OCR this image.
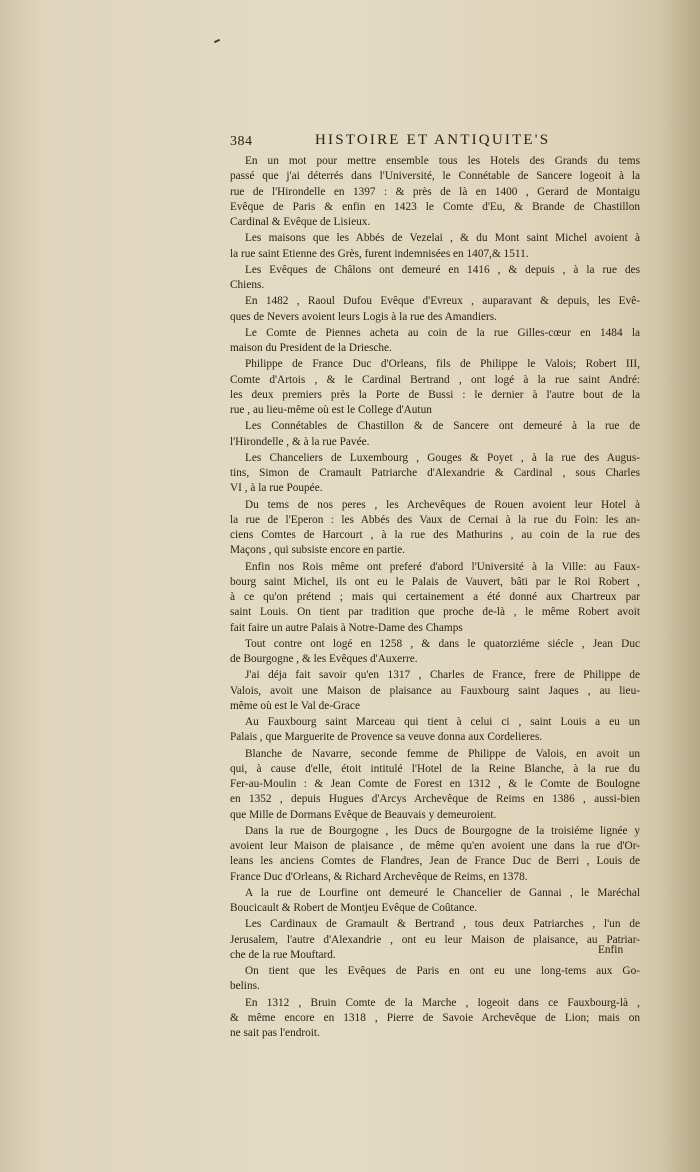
384	HISTOIRE ET ANTIQUITE'S
En un mot pour mettre ensemble tous les Hotels des Grands du tems
passé que j'ai déterrés dans l'Université, le Connétable de Sancere logeoit à la
rue de l'Hirondelle en 1397 : & près de là en 1400 , Gerard de Montaigu
Evêque de Paris & enfin en 1423 le Comte d'Eu, & Brande de Chastillon
Cardinal & Evêque de Lisieux.
Les maisons que les Abbés de Vezelai , & du Mont saint Michel avoient à
la rue saint Etienne des Grès, furent indemnisées en 1407,& 1511.
Les Evêques de Châlons ont demeuré en 1416 , & depuis , à la rue des
Chiens.
En 1482 , Raoul Dufou Evêque d'Evreux , auparavant & depuis, les Evê-
ques de Nevers avoient leurs Logis à la rue des Amandiers.
Le Comte de Piennes acheta au coin de la rue Gilles-cœur en 1484 la
maison du President de la Driesche.
Philippe de France Duc d'Orleans, fils de Philippe le Valois; Robert III,
Comte d'Artois , & le Cardinal Bertrand , ont logé à la rue saint André:
les deux premiers près la Porte de Bussi : le dernier à l'autre bout de la
rue , au lieu-même où est le College d'Autun
Les Connétables de Chastillon & de Sancere ont demeuré à la rue de
l'Hirondelle , & à la rue Pavée.
Les Chanceliers de Luxembourg , Gouges & Poyet , à la rue des Augus-
tins, Simon de Cramault Patriarche d'Alexandrie & Cardinal , sous Charles
VI , à la rue Poupée.
Du tems de nos peres , les Archevêques de Rouen avoient leur Hotel à
la rue de l'Eperon : les Abbés des Vaux de Cernai à la rue du Foin: les an-
ciens Comtes de Harcourt , à la rue des Mathurins , au coin de la rue des
Maçons , qui subsiste encore en partie.
Enfin nos Rois même ont preferé d'abord l'Université à la Ville: au Faux-
bourg saint Michel, ils ont eu le Palais de Vauvert, bâti par le Roi Robert ,
à ce qu'on prétend ; mais qui certainement a été donné aux Chartreux par
saint Louis. On tient par tradition que proche de-là , le même Robert avoit
fait faire un autre Palais à Notre-Dame des Champs
Tout contre ont logé en 1258 , & dans le quatorziéme siécle , Jean Duc
de Bourgogne , & les Evêques d'Auxerre.
J'ai déja fait savoir qu'en 1317 , Charles de France, frere de Philippe de
Valois, avoit une Maison de plaisance au Fauxbourg saint Jaques , au lieu-
même où est le Val de-Grace
Au Fauxbourg saint Marceau qui tient à celui ci , saint Louis a eu un
Palais , que Marguerite de Provence sa veuve donna aux Cordelieres.
Blanche de Navarre, seconde femme de Philippe de Valois, en avoit un
qui, à cause d'elle, étoit intitulé l'Hotel de la Reine Blanche, à la rue du
Fer-au-Moulin : & Jean Comte de Forest en 1312 , & le Comte de Boulogne
en 1352 , depuis Hugues d'Arcys Archevêque de Reims en 1386 , aussi-bien
que Mille de Dormans Evêque de Beauvais y demeuroient.
Dans la rue de Bourgogne , les Ducs de Bourgogne de la troisiéme lignée y
avoient leur Maison de plaisance , de même qu'en avoient une dans la rue d'Or-
leans les anciens Comtes de Flandres, Jean de France Duc de Berri , Louis de
France Duc d'Orleans, & Richard Archevêque de Reims, en 1378.
A la rue de Lourfine ont demeuré le Chancelier de Gannai , le Maréchal
Boucicault & Robert de Montjeu Evêque de Coûtance.
Les Cardinaux de Gramault & Bertrand , tous deux Patriarches , l'un de
Jerusalem, l'autre d'Alexandrie , ont eu leur Maison de plaisance, au Patriar-
che de la rue Mouftard.
On tient que les Evêques de Paris en ont eu une long-tems aux Go-
belins.
En 1312 , Bruin Comte de la Marche , logeoit dans ce Fauxbourg-là ,
& même encore en 1318 , Pierre de Savoie Archevêque de Lion; mais on
ne sait pas l'endroit.
Enfin
